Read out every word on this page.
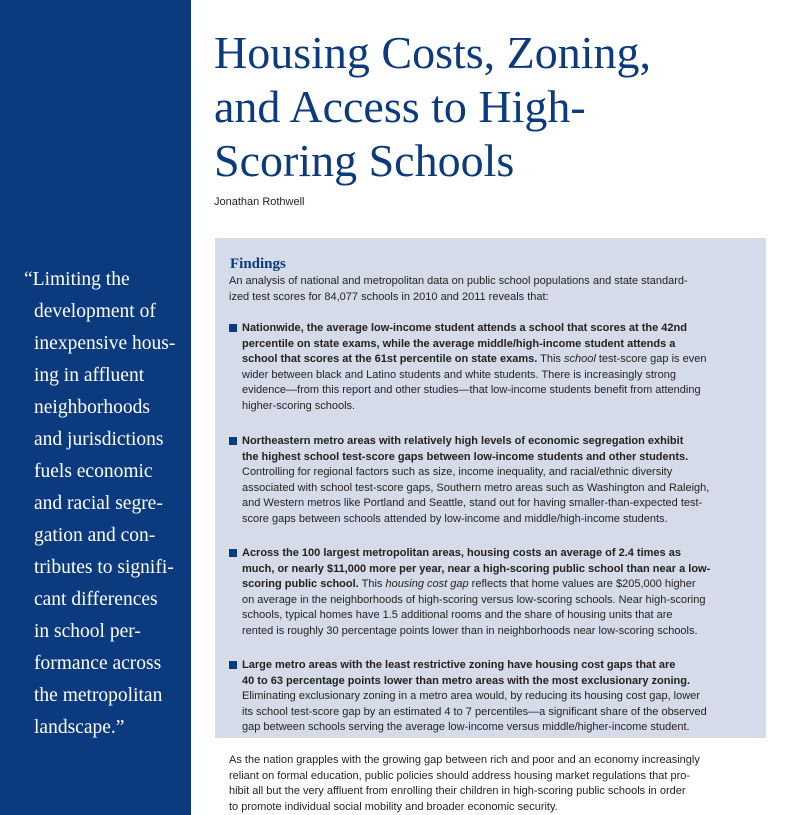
“Limiting the
development of
inexpensive hous-
ing in affluent
neighborhoods
and jurisdictions
fuels economic
and racial segre-
gation and con-
tributes to signifi-
cant differences
in school per-
formance across
the metropolitan
landscape.”
Housing Costs, Zoning,
and Access to High-
Scoring Schools
Jonathan Rothwell
Findings
An analysis of national and metropolitan data on public school populations and state standard-
ized test scores for 84,077 schools in 2010 and 2011 reveals that:
Nationwide, the average low-income student attends a school that scores at the 42nd
percentile on state exams, while the average middle/high-income student attends a
school that scores at the 61st percentile on state exams. This school test-score gap is even
wider between black and Latino students and white students. There is increasingly strong
evidence—from this report and other studies—that low-income students benefit from attending
higher-scoring schools.
Northeastern metro areas with relatively high levels of economic segregation exhibit
the highest school test-score gaps between low-income students and other students.
Controlling for regional factors such as size, income inequality, and racial/ethnic diversity
associated with school test-score gaps, Southern metro areas such as Washington and Raleigh,
and Western metros like Portland and Seattle, stand out for having smaller-than-expected test-
score gaps between schools attended by low-income and middle/high-income students.
Across the 100 largest metropolitan areas, housing costs an average of 2.4 times as
much, or nearly $11,000 more per year, near a high-scoring public school than near a low-
scoring public school. This housing cost gap reflects that home values are $205,000 higher
on average in the neighborhoods of high-scoring versus low-scoring schools. Near high-scoring
schools, typical homes have 1.5 additional rooms and the share of housing units that are
rented is roughly 30 percentage points lower than in neighborhoods near low-scoring schools.
Large metro areas with the least restrictive zoning have housing cost gaps that are
40 to 63 percentage points lower than metro areas with the most exclusionary zoning.
Eliminating exclusionary zoning in a metro area would, by reducing its housing cost gap, lower
its school test-score gap by an estimated 4 to 7 percentiles—a significant share of the observed
gap between schools serving the average low-income versus middle/higher-income student.
As the nation grapples with the growing gap between rich and poor and an economy increasingly
reliant on formal education, public policies should address housing market regulations that pro-
hibit all but the very affluent from enrolling their children in high-scoring public schools in order
to promote individual social mobility and broader economic security.
